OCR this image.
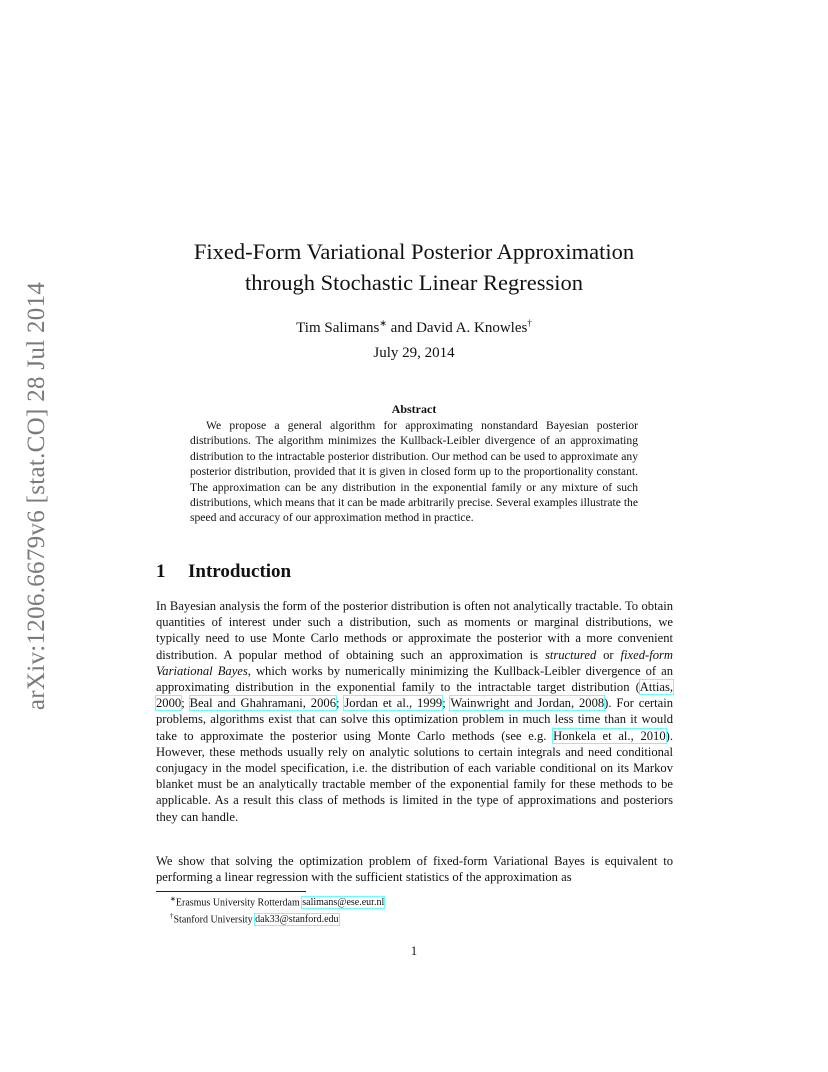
arXiv:1206.6679v6 [stat.CO] 28 Jul 2014
Fixed-Form Variational Posterior Approximation
through Stochastic Linear Regression
Tim Salimans∗ and David A. Knowles†
July 29, 2014
Abstract
We propose a general algorithm for approximating nonstandard Bayesian posterior distributions. The algorithm minimizes the Kullback-Leibler divergence of an approximating distribution to the intractable posterior distribution. Our method can be used to approximate any posterior distribution, provided that it is given in closed form up to the proportionality constant. The approximation can be any distribution in the exponential family or any mixture of such distributions, which means that it can be made arbitrarily precise. Several examples illustrate the speed and accuracy of our approximation method in practice.
1 Introduction
In Bayesian analysis the form of the posterior distribution is often not analytically tractable. To obtain quantities of interest under such a distribution, such as moments or marginal distributions, we typically need to use Monte Carlo methods or approximate the posterior with a more convenient distribution. A popular method of obtaining such an approximation is structured or fixed-form Variational Bayes, which works by numerically minimizing the Kullback-Leibler divergence of an approximating distribution in the exponential family to the intractable target distribution (Attias, 2000; Beal and Ghahramani, 2006; Jordan et al., 1999; Wainwright and Jordan, 2008). For certain problems, algorithms exist that can solve this optimization problem in much less time than it would take to approximate the posterior using Monte Carlo methods (see e.g. Honkela et al., 2010). However, these methods usually rely on analytic solutions to certain integrals and need conditional conjugacy in the model specification, i.e. the distribution of each variable conditional on its Markov blanket must be an analytically tractable member of the exponential family for these methods to be applicable. As a result this class of methods is limited in the type of approximations and posteriors they can handle.
We show that solving the optimization problem of fixed-form Variational Bayes is equivalent to performing a linear regression with the sufficient statistics of the approximation as
∗Erasmus University Rotterdam salimans@ese.eur.nl
†Stanford University dak33@stanford.edu
1
